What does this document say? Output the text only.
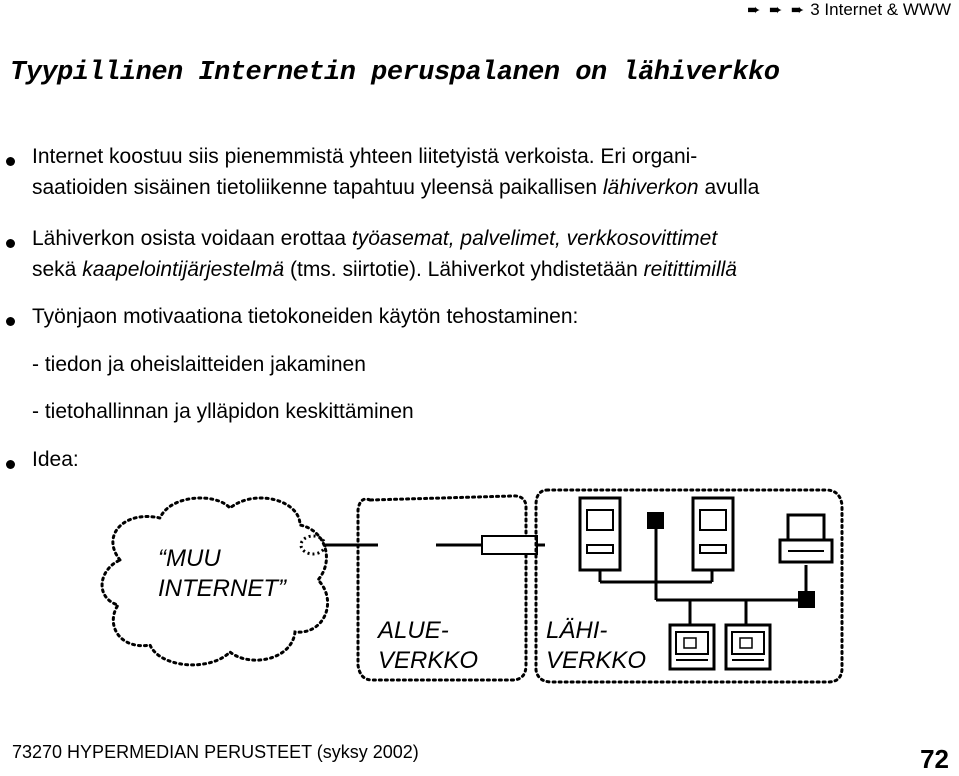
➨ ➨ ➨ 3 Internet & WWW
Tyypillinen Internetin peruspalanen on lähiverkko
Internet koostuu siis pienemmistä yhteen liitetyistä verkoista. Eri organi-
saatioiden sisäinen tietoliikenne tapahtuu yleensä paikallisen lähiverkon avulla
Lähiverkon osista voidaan erottaa työasemat, palvelimet, verkkosovittimet
sekä kaapelointijärjestelmä (tms. siirtotie). Lähiverkot yhdistetään reitittimillä
Työnjaon motivaationa tietokoneiden käytön tehostaminen:
- tiedon ja oheislaitteiden jakaminen
- tietohallinnan ja ylläpidon keskittäminen
Idea:
“MUU
INTERNET”
ALUE-
VERKKO
LÄHI-
VERKKO
73270 HYPERMEDIAN PERUSTEET (syksy 2002)	72
